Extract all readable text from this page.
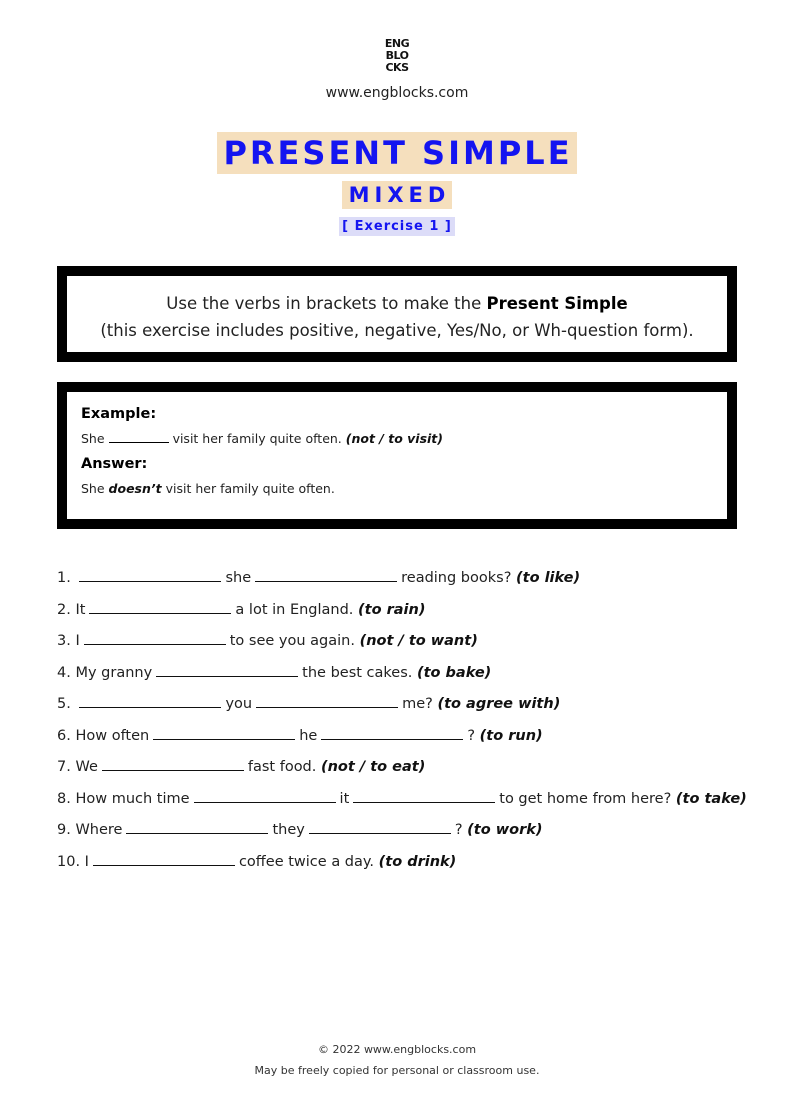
ENG
BLO
CKS
www.engblocks.com
PRESENT SIMPLE
MIXED
[ Exercise 1 ]
Use the verbs in brackets to make the Present Simple
(this exercise includes positive, negative, Yes/No, or Wh-question form).
Example:
She	visit her family quite often. (not / to visit)
Answer:
She doesn’t visit her family quite often.
1.	she	reading books? (to like)
2. It	a lot in England. (to rain)
3. I	to see you again. (not / to want)
4. My granny	the best cakes. (to bake)
5.	you	me? (to agree with)
6. How often	he	? (to run)
7. We	fast food. (not / to eat)
8. How much time	it	to get home from here? (to take)
9. Where	they	? (to work)
10. I	coffee twice a day. (to drink)
© 2022 www.engblocks.com
May be freely copied for personal or classroom use.
